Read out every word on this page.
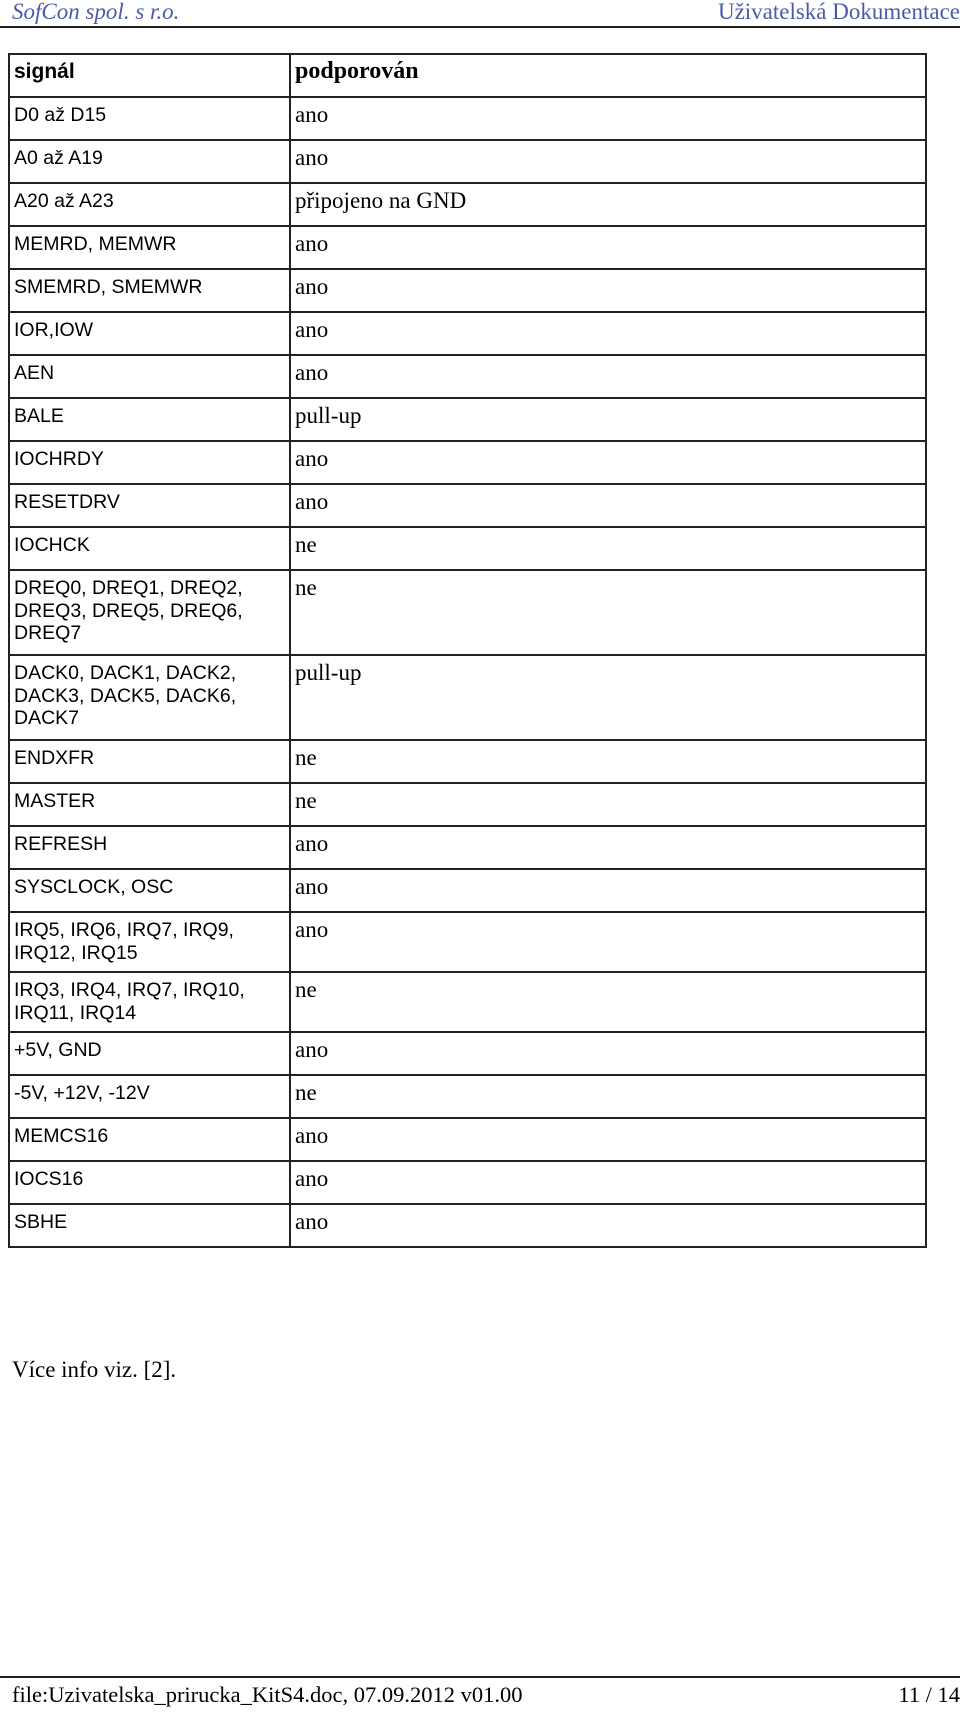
SofCon spol. s r.o.	Uživatelská Dokumentace
signál	podporován
D0 až D15	ano
A0 až A19	ano
A20 až A23	připojeno na GND
MEMRD, MEMWR	ano
SMEMRD, SMEMWR	ano
IOR,IOW	ano
AEN	ano
BALE	pull-up
IOCHRDY	ano
RESETDRV	ano
IOCHCK	ne
DREQ0, DREQ1, DREQ2, DREQ3, DREQ5, DREQ6, DREQ7	ne
DACK0, DACK1, DACK2, DACK3, DACK5, DACK6, DACK7	pull-up
ENDXFR	ne
MASTER	ne
REFRESH	ano
SYSCLOCK, OSC	ano
IRQ5, IRQ6, IRQ7, IRQ9, IRQ12, IRQ15	ano
IRQ3, IRQ4, IRQ7, IRQ10, IRQ11, IRQ14	ne
+5V, GND	ano
-5V, +12V, -12V	ne
MEMCS16	ano
IOCS16	ano
SBHE	ano
Více info viz. [2].
file:Uzivatelska_prirucka_KitS4.doc, 07.09.2012 v01.00	11 / 14
